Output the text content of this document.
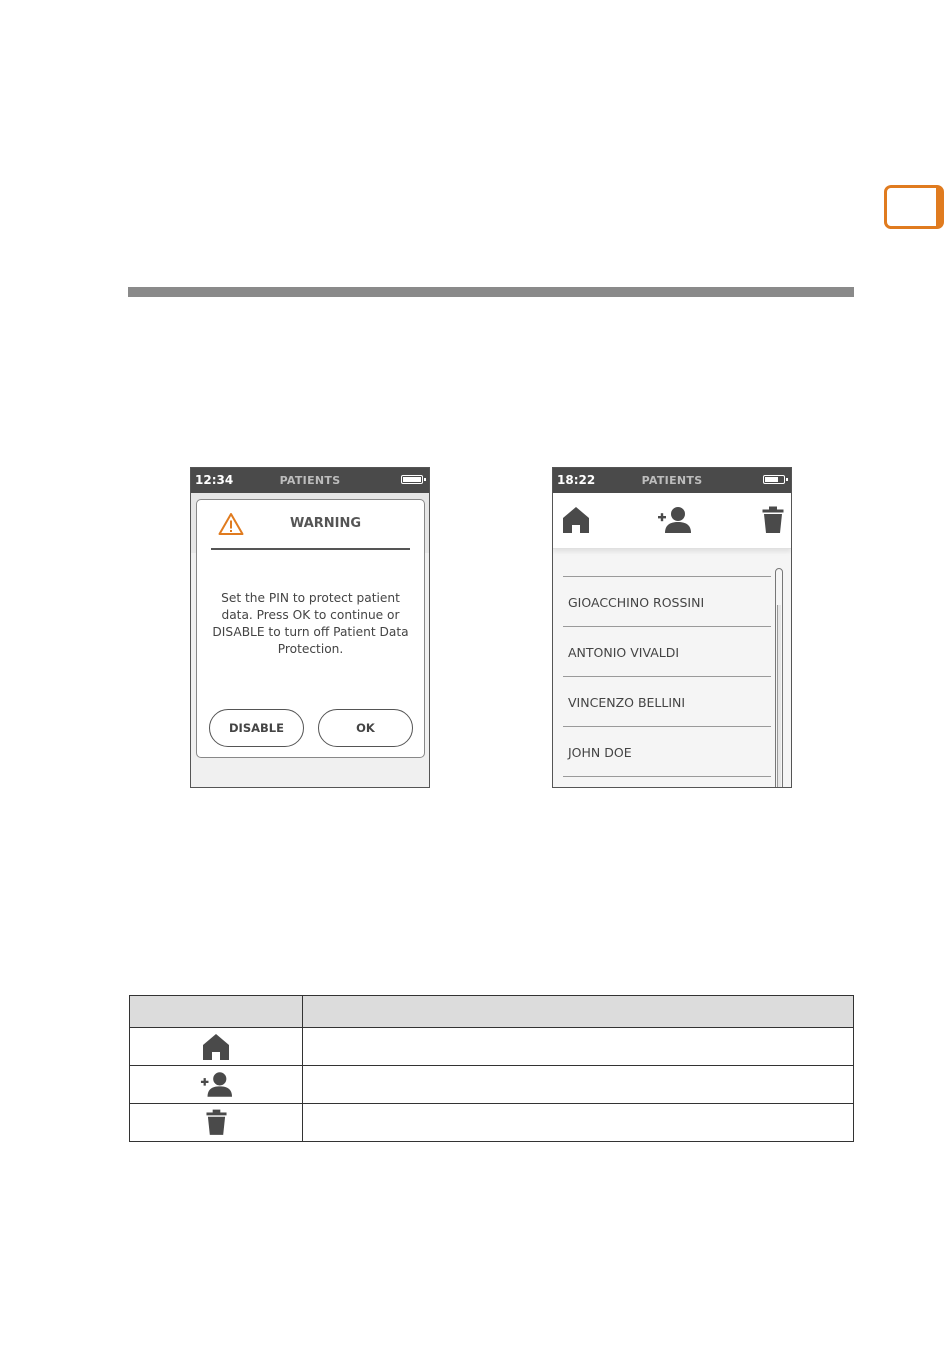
12:34	PATIENTS
WARNING
Set the PIN to protect patient data. Press OK to continue or DISABLE to turn off Patient Data Protection.
DISABLE	OK
18:22	PATIENTS
GIOACCHINO ROSSINI
ANTONIO VIVALDI
VINCENZO BELLINI
JOHN DOE
